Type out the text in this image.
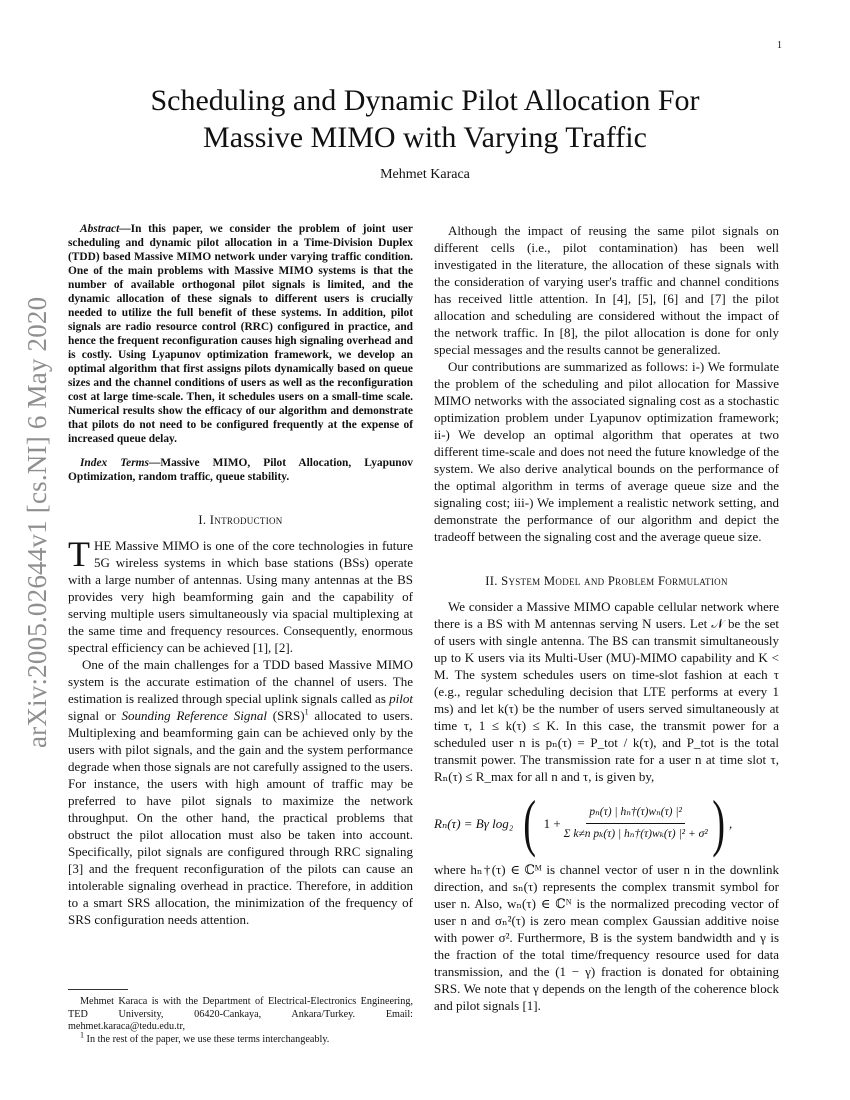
1
arXiv:2005.02644v1 [cs.NI] 6 May 2020
Scheduling and Dynamic Pilot Allocation For
Massive MIMO with Varying Traffic
Mehmet Karaca

Abstract—In this paper, we consider the problem of joint user scheduling and dynamic pilot allocation in a Time-Division Duplex (TDD) based Massive MIMO network under varying traffic condition. One of the main problems with Massive MIMO systems is that the number of available orthogonal pilot signals is limited, and the dynamic allocation of these signals to different users is crucially needed to utilize the full benefit of these systems. In addition, pilot signals are radio resource control (RRC) configured in practice, and hence the frequent reconfiguration causes high signaling overhead and is costly. Using Lyapunov optimization framework, we develop an optimal algorithm that first assigns pilots dynamically based on queue sizes and the channel conditions of users as well as the reconfiguration cost at large time-scale. Then, it schedules users on a small-time scale. Numerical results show the efficacy of our algorithm and demonstrate that pilots do not need to be configured frequently at the expense of increased queue delay.

Index Terms—Massive MIMO, Pilot Allocation, Lyapunov Optimization, random traffic, queue stability.

I. Introduction

THE Massive MIMO is one of the core technologies in future 5G wireless systems in which base stations (BSs) operate with a large number of antennas. Using many antennas at the BS provides very high beamforming gain and the capability of serving multiple users simultaneously via spacial multiplexing at the same time and frequency resources. Consequently, enormous spectral efficiency can be achieved [1], [2].

One of the main challenges for a TDD based Massive MIMO system is the accurate estimation of the channel of users. The estimation is realized through special uplink signals called as pilot signal or Sounding Reference Signal (SRS)$^1$ allocated to users. Multiplexing and beamforming gain can be achieved only by the users with pilot signals, and the gain and the system performance degrade when those signals are not carefully assigned to the users. For instance, the users with high amount of traffic may be preferred to have pilot signals to maximize the network throughput. On the other hand, the practical problems that obstruct the pilot allocation must also be taken into account. Specifically, pilot signals are configured through RRC signaling [3] and the frequent reconfiguration of the pilots can cause an intolerable signaling overhead in practice. Therefore, in addition to a smart SRS allocation, the minimization of the frequency of SRS configuration needs attention.

Mehmet Karaca is with the Department of Electrical-Electronics Engineering, TED University, 06420-Cankaya, Ankara/Turkey. Email: mehmet.karaca@tedu.edu.tr,

$^1$ In the rest of the paper, we use these terms interchangeably.

Although the impact of reusing the same pilot signals on different cells (i.e., pilot contamination) has been well investigated in the literature, the allocation of these signals with the consideration of varying user's traffic and channel conditions has received little attention. In [4], [5], [6] and [7] the pilot allocation and scheduling are considered without the impact of the network traffic. In [8], the pilot allocation is done for only special messages and the results cannot be generalized.

Our contributions are summarized as follows: i-) We formulate the problem of the scheduling and pilot allocation for Massive MIMO networks with the associated signaling cost as a stochastic optimization problem under Lyapunov optimization framework; ii-) We develop an optimal algorithm that operates at two different time-scale and does not need the future knowledge of the system. We also derive analytical bounds on the performance of the optimal algorithm in terms of average queue size and the signaling cost; iii-) We implement a realistic network setting, and demonstrate the performance of our algorithm and depict the tradeoff between the signaling cost and the average queue size.

II. System Model and Problem Formulation

We consider a Massive MIMO capable cellular network where there is a BS with M antennas serving N users. Let 𝒩 be the set of users with single antenna. The BS can transmit simultaneously up to K users via its Multi-User (MU)-MIMO capability and K < M. The system schedules users on time-slot fashion at each τ (e.g., regular scheduling decision that LTE performs at every 1 ms) and let k(τ) be the number of users served simultaneously at time τ, 1 ≤ k(τ) ≤ K. In this case, the transmit power for a scheduled user n is pₙ(τ) = P_tot / k(τ), and P_tot is the total transmit power. The transmission rate for a user n at time slot τ, Rₙ(τ) ≤ R_max for all n and τ, is given by,

Rₙ(τ) = Bγ log₂ ( $1 + \frac{\text{pₙ(τ) | hₙ†(τ)wₙ(τ) |²}}{\text{Σ k≠n pₖ(τ) | hₙ†(τ)wₖ(τ) |² + σ²}}$ ) ,

where hₙ†(τ) ∈ ℂᴹ is channel vector of user n in the downlink direction, and sₙ(τ) represents the complex transmit symbol for user n. Also, wₙ(τ) ∈ ℂᴺ is the normalized precoding vector of user n and σₙ²(τ) is zero mean complex Gaussian additive noise with power σ². Furthermore, B is the system bandwidth and γ is the fraction of the total time/frequency resource used for data transmission, and the (1 − γ) fraction is donated for obtaining SRS. We note that γ depends on the length of the coherence block and pilot signals [1].
